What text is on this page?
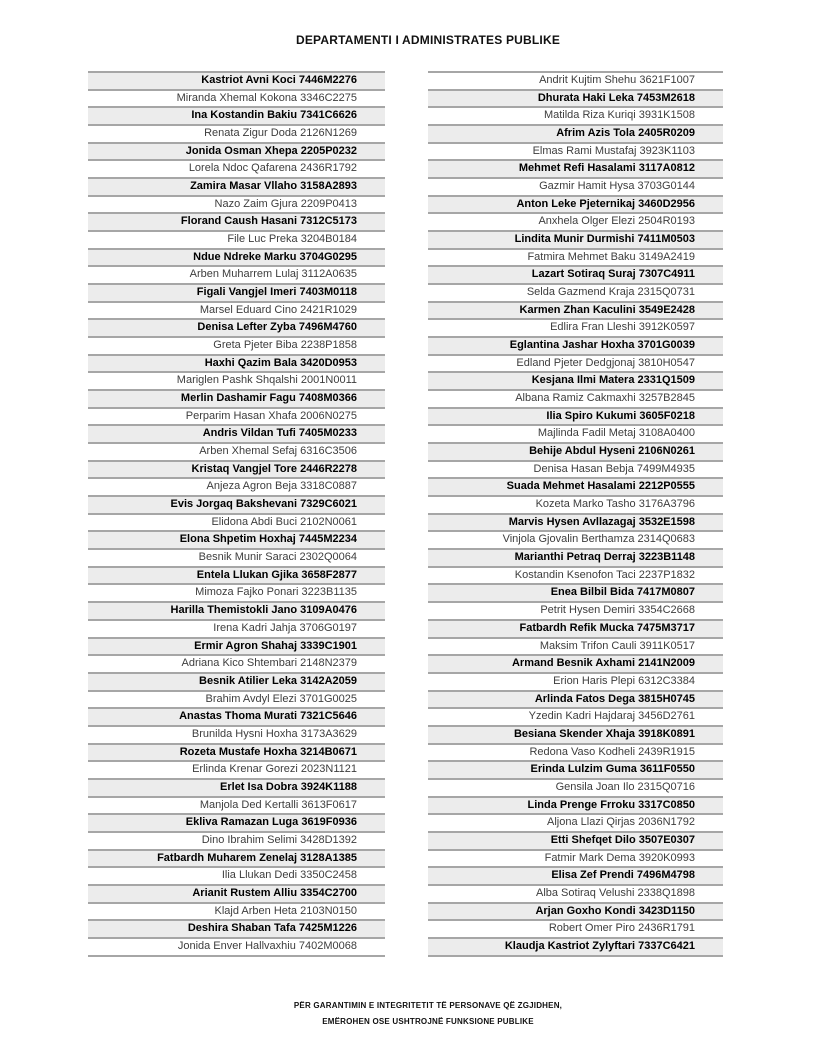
DEPARTAMENTI I ADMINISTRATES PUBLIKE
Kastriot Avni Koci 7446M2276
Miranda Xhemal Kokona 3346C2275
Ina Kostandin Bakiu 7341C6626
Renata Zigur Doda 2126N1269
Jonida Osman Xhepa 2205P0232
Lorela Ndoc Qafarena 2436R1792
Zamira Masar Vllaho 3158A2893
Nazo Zaim Gjura 2209P0413
Florand Caush Hasani 7312C5173
File Luc Preka 3204B0184
Ndue Ndreke Marku 3704G0295
Arben Muharrem Lulaj 3112A0635
Figali Vangjel Imeri 7403M0118
Marsel Eduard Cino 2421R1029
Denisa Lefter Zyba 7496M4760
Greta Pjeter Biba 2238P1858
Haxhi Qazim Bala 3420D0953
Mariglen Pashk Shqalshi 2001N0011
Merlin Dashamir Fagu 7408M0366
Perparim Hasan Xhafa 2006N0275
Andris Vildan Tufi 7405M0233
Arben Xhemal Sefaj 6316C3506
Kristaq Vangjel Tore 2446R2278
Anjeza Agron Beja 3318C0887
Evis Jorgaq Bakshevani 7329C6021
Elidona Abdi Buci 2102N0061
Elona Shpetim Hoxhaj 7445M2234
Besnik Munir Saraci 2302Q0064
Entela Llukan Gjika 3658F2877
Mimoza Fajko Ponari 3223B1135
Harilla Themistokli Jano 3109A0476
Irena Kadri Jahja 3706G0197
Ermir Agron Shahaj 3339C1901
Adriana Kico Shtembari 2148N2379
Besnik Atilier Leka 3142A2059
Brahim Avdyl Elezi 3701G0025
Anastas Thoma Murati 7321C5646
Brunilda Hysni Hoxha 3173A3629
Rozeta Mustafe Hoxha 3214B0671
Erlinda Krenar Gorezi 2023N1121
Erlet Isa Dobra 3924K1188
Manjola Ded Kertalli 3613F0617
Ekliva Ramazan Luga 3619F0936
Dino Ibrahim Selimi 3428D1392
Fatbardh Muharem Zenelaj 3128A1385
Ilia Llukan Dedi 3350C2458
Arianit Rustem Alliu 3354C2700
Klajd Arben Heta 2103N0150
Deshira Shaban Tafa 7425M1226
Jonida Enver Hallvaxhiu 7402M0068
Andrit Kujtim Shehu 3621F1007
Dhurata Haki Leka 7453M2618
Matilda Riza Kuriqi 3931K1508
Afrim Azis Tola 2405R0209
Elmas Rami Mustafaj 3923K1103
Mehmet Refi Hasalami 3117A0812
Gazmir Hamit Hysa 3703G0144
Anton Leke Pjeternikaj 3460D2956
Anxhela Olger Elezi 2504R0193
Lindita Munir Durmishi 7411M0503
Fatmira Mehmet Baku 3149A2419
Lazart Sotiraq Suraj 7307C4911
Selda Gazmend Kraja 2315Q0731
Karmen Zhan Kaculini 3549E2428
Edlira Fran Lleshi 3912K0597
Eglantina Jashar Hoxha 3701G0039
Edland Pjeter Dedgjonaj 3810H0547
Kesjana Ilmi Matera 2331Q1509
Albana Ramiz Cakmaxhi 3257B2845
Ilia Spiro Kukumi 3605F0218
Majlinda Fadil Metaj 3108A0400
Behije Abdul Hyseni 2106N0261
Denisa Hasan Bebja 7499M4935
Suada Mehmet Hasalami 2212P0555
Kozeta Marko Tasho 3176A3796
Marvis Hysen Avllazagaj 3532E1598
Vinjola Gjovalin Berthamza 2314Q0683
Marianthi Petraq Derraj 3223B1148
Kostandin Ksenofon Taci 2237P1832
Enea Bilbil Bida 7417M0807
Petrit Hysen Demiri 3354C2668
Fatbardh Refik Mucka 7475M3717
Maksim Trifon Cauli 3911K0517
Armand Besnik Axhami 2141N2009
Erion Haris Plepi 6312C3384
Arlinda Fatos Dega 3815H0745
Yzedin Kadri Hajdaraj 3456D2761
Besiana Skender Xhaja 3918K0891
Redona Vaso Kodheli 2439R1915
Erinda Lulzim Guma 3611F0550
Gensila Joan Ilo 2315Q0716
Linda Prenge Frroku 3317C0850
Aljona Llazi Qirjas 2036N1792
Etti Shefqet Dilo 3507E0307
Fatmir Mark Dema 3920K0993
Elisa Zef Prendi 7496M4798
Alba Sotiraq Velushi 2338Q1898
Arjan Goxho Kondi 3423D1150
Robert Omer Piro 2436R1791
Klaudja Kastriot Zylyftari 7337C6421
PËR GARANTIMIN E INTEGRITETIT TË PERSONAVE QË ZGJIDHEN,
EMËROHEN OSE USHTROJNË FUNKSIONE PUBLIKE
